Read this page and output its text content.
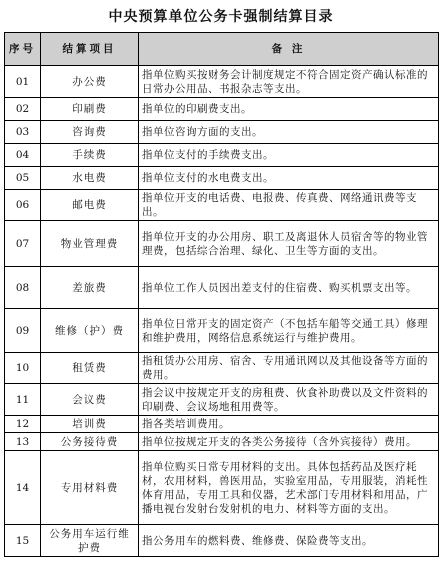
中央预算单位公务卡强制结算目录
序号	结算项目	备 注
01	办公费	指单位购买按财务会计制度规定不符合固定资产确认标准的日常办公用品、书报杂志等支出。
02	印刷费	指单位的印刷费支出。
03	咨询费	指单位咨询方面的支出。
04	手续费	指单位支付的手续费支出。
05	水电费	指单位支付的水电费支出。
06	邮电费	指单位开支的电话费、电报费、传真费、网络通讯费等支出。
07	物业管理费	指单位开支的办公用房、职工及离退休人员宿舍等的物业管理费，包括综合治理、绿化、卫生等方面的支出。
08	差旅费	指单位工作人员因出差支付的住宿费、购买机票支出等。
09	维修（护）费	指单位日常开支的固定资产（不包括车船等交通工具）修理和维护费用，网络信息系统运行与维护费用。
10	租赁费	指租赁办公用房、宿舍、专用通讯网以及其他设备等方面的费用。
11	会议费	指会议中按规定开支的房租费、伙食补助费以及文件资料的印刷费、会议场地租用费等。
12	培训费	指各类培训费用。
13	公务接待费	指单位按规定开支的各类公务接待（含外宾接待）费用。
14	专用材料费	指单位购买日常专用材料的支出。具体包括药品及医疗耗材，农用材料，兽医用品，实验室用品，专用服装，消耗性体育用品，专用工具和仪器，艺术部门专用材料和用品，广播电视台发射台发射机的电力、材料等方面的支出。
15	公务用车运行维护费	指公务用车的燃料费、维修费、保险费等支出。
